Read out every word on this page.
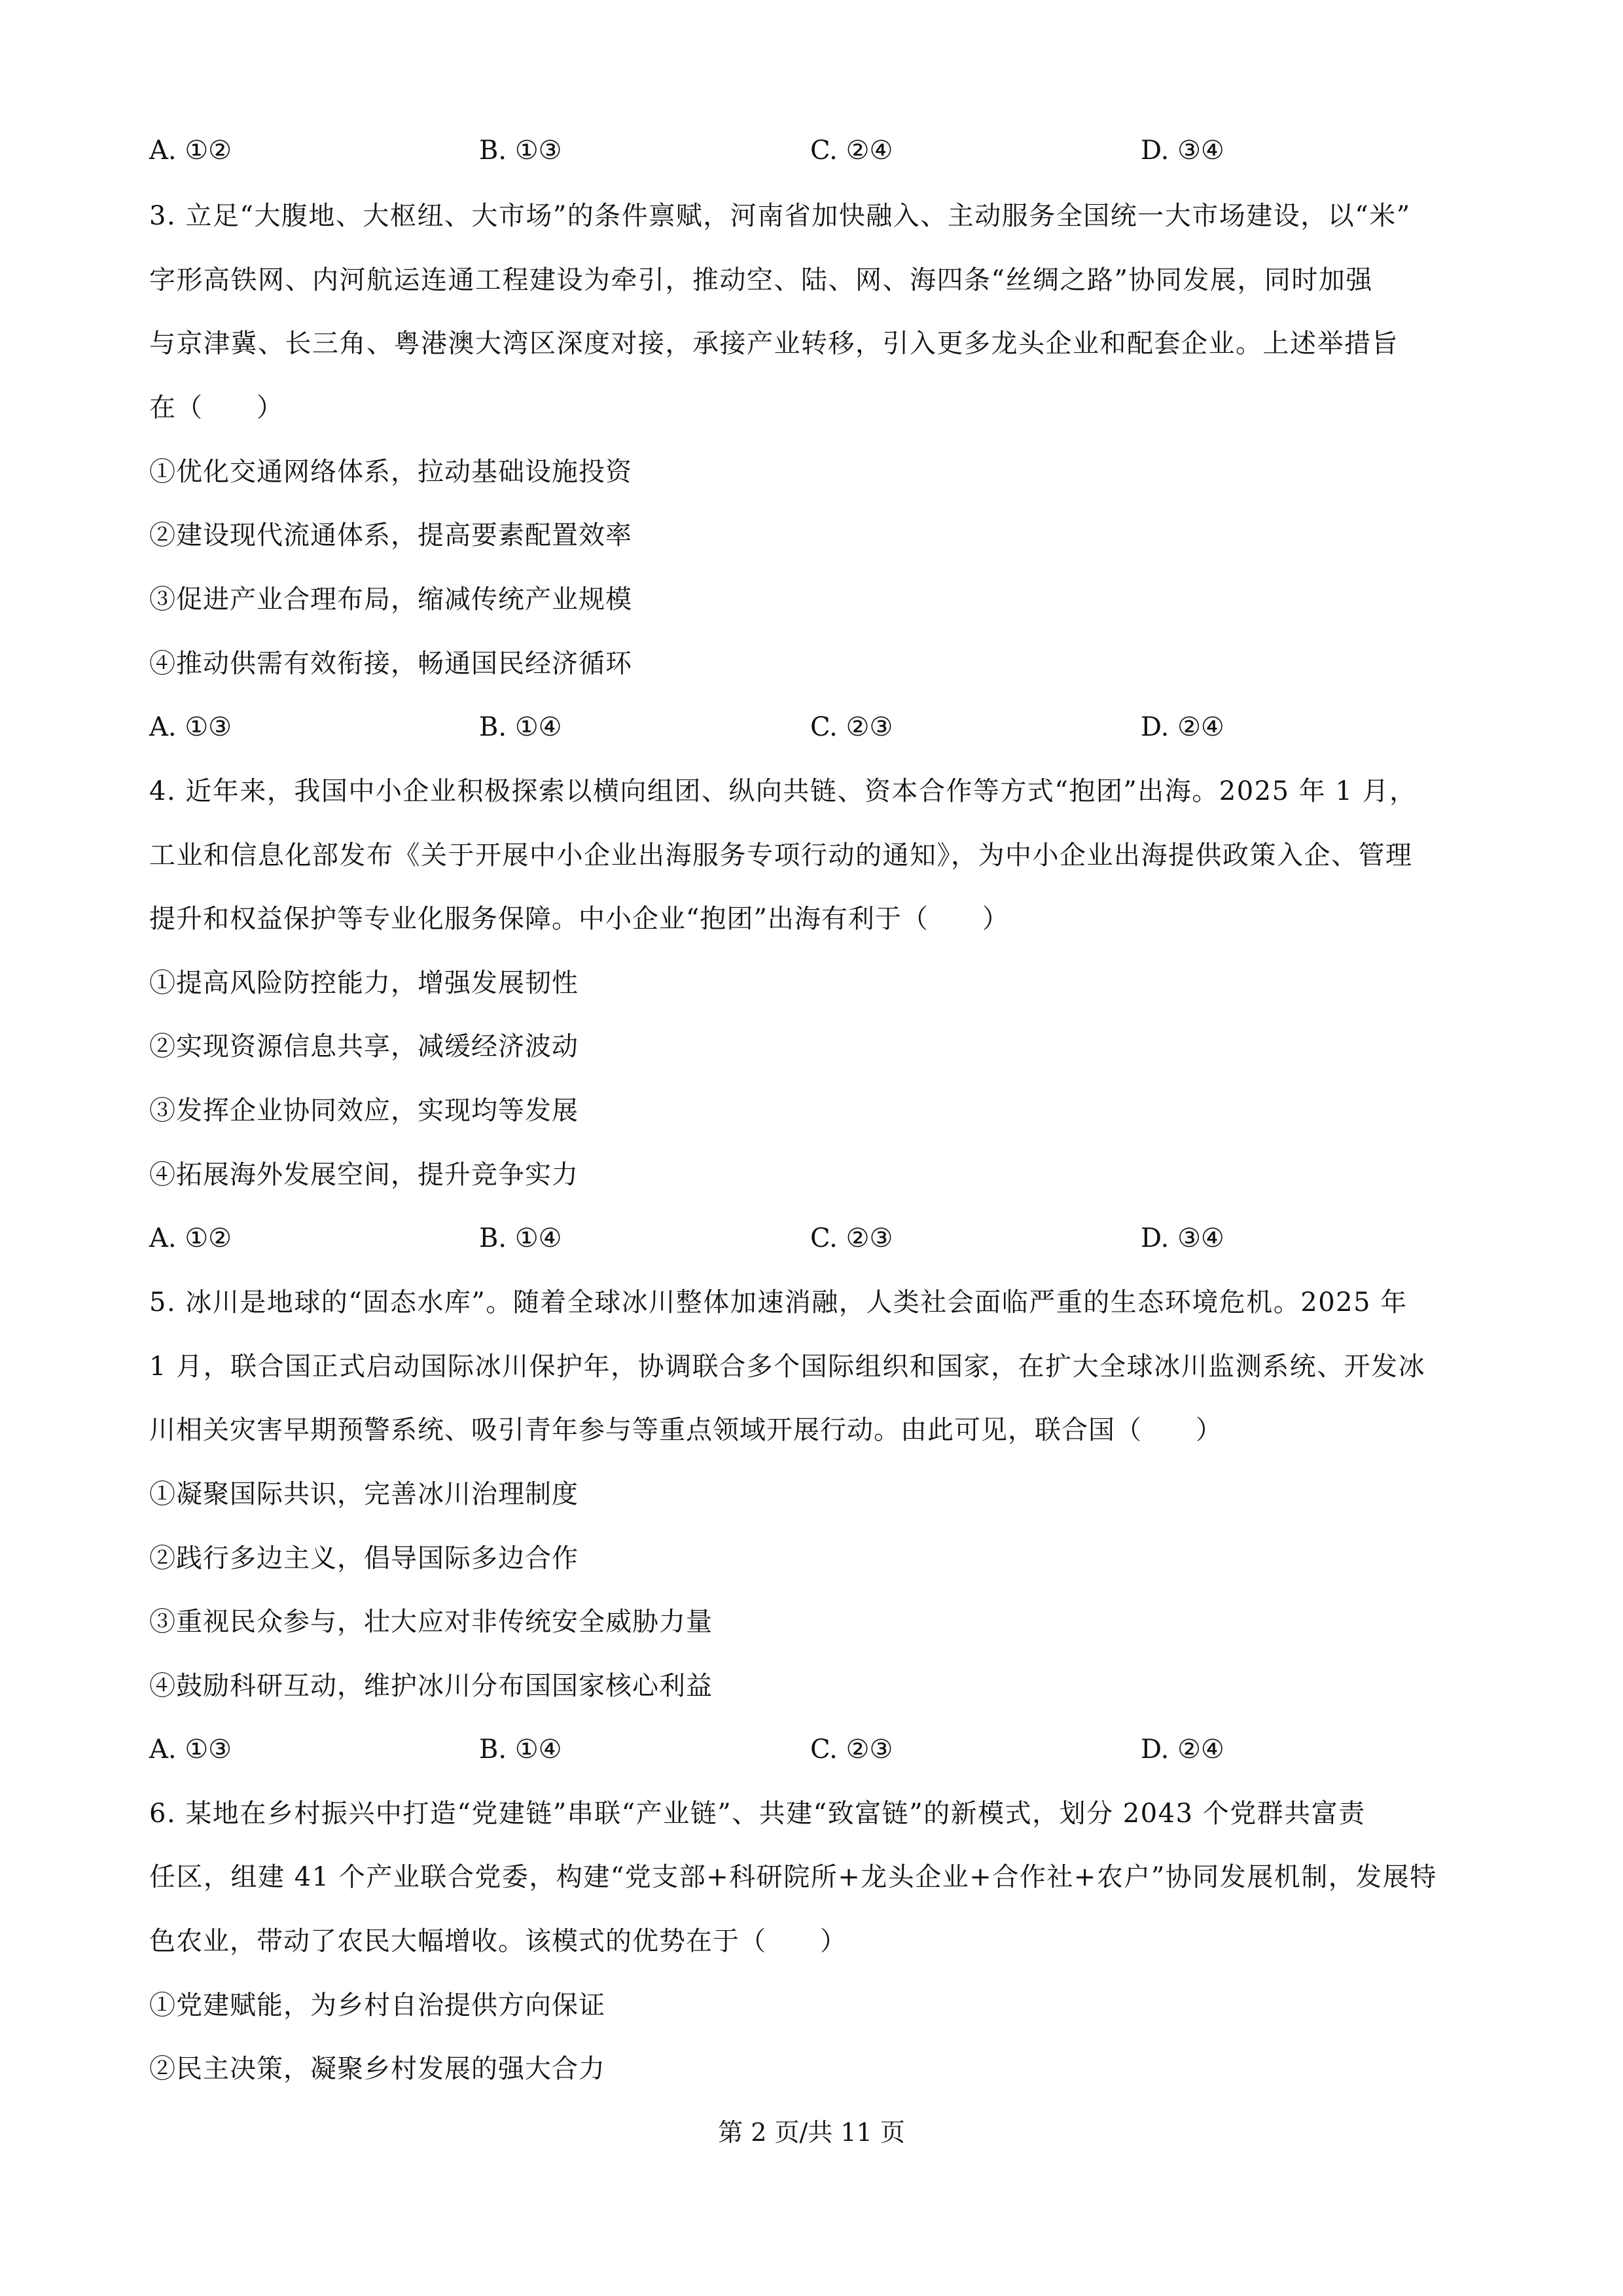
A. ①②	B. ①③	C. ②④	D. ③④
3. 立足“大腹地、大枢纽、大市场”的条件禀赋，河南省加快融入、主动服务全国统一大市场建设，以“米”
字形高铁网、内河航运连通工程建设为牵引，推动空、陆、网、海四条“丝绸之路”协同发展，同时加强
与京津冀、长三角、粤港澳大湾区深度对接，承接产业转移，引入更多龙头企业和配套企业。上述举措旨
在（　　）
①优化交通网络体系，拉动基础设施投资
②建设现代流通体系，提高要素配置效率
③促进产业合理布局，缩减传统产业规模
④推动供需有效衔接，畅通国民经济循环
A. ①③	B. ①④	C. ②③	D. ②④
4. 近年来，我国中小企业积极探索以横向组团、纵向共链、资本合作等方式“抱团”出海。2025 年 1 月，
工业和信息化部发布《关于开展中小企业出海服务专项行动的通知》，为中小企业出海提供政策入企、管理
提升和权益保护等专业化服务保障。中小企业“抱团”出海有利于（　　）
①提高风险防控能力，增强发展韧性
②实现资源信息共享，减缓经济波动
③发挥企业协同效应，实现均等发展
④拓展海外发展空间，提升竞争实力
A. ①②	B. ①④	C. ②③	D. ③④
5. 冰川是地球的“固态水库”。随着全球冰川整体加速消融，人类社会面临严重的生态环境危机。2025 年
1 月，联合国正式启动国际冰川保护年，协调联合多个国际组织和国家，在扩大全球冰川监测系统、开发冰
川相关灾害早期预警系统、吸引青年参与等重点领域开展行动。由此可见，联合国（　　）
①凝聚国际共识，完善冰川治理制度
②践行多边主义，倡导国际多边合作
③重视民众参与，壮大应对非传统安全威胁力量
④鼓励科研互动，维护冰川分布国国家核心利益
A. ①③	B. ①④	C. ②③	D. ②④
6. 某地在乡村振兴中打造“党建链”串联“产业链”、共建“致富链”的新模式，划分 2043 个党群共富责
任区，组建 41 个产业联合党委，构建“党支部+科研院所+龙头企业+合作社+农户”协同发展机制，发展特
色农业，带动了农民大幅增收。该模式的优势在于（　　）
①党建赋能，为乡村自治提供方向保证
②民主决策，凝聚乡村发展的强大合力
第 2 页/共 11 页
